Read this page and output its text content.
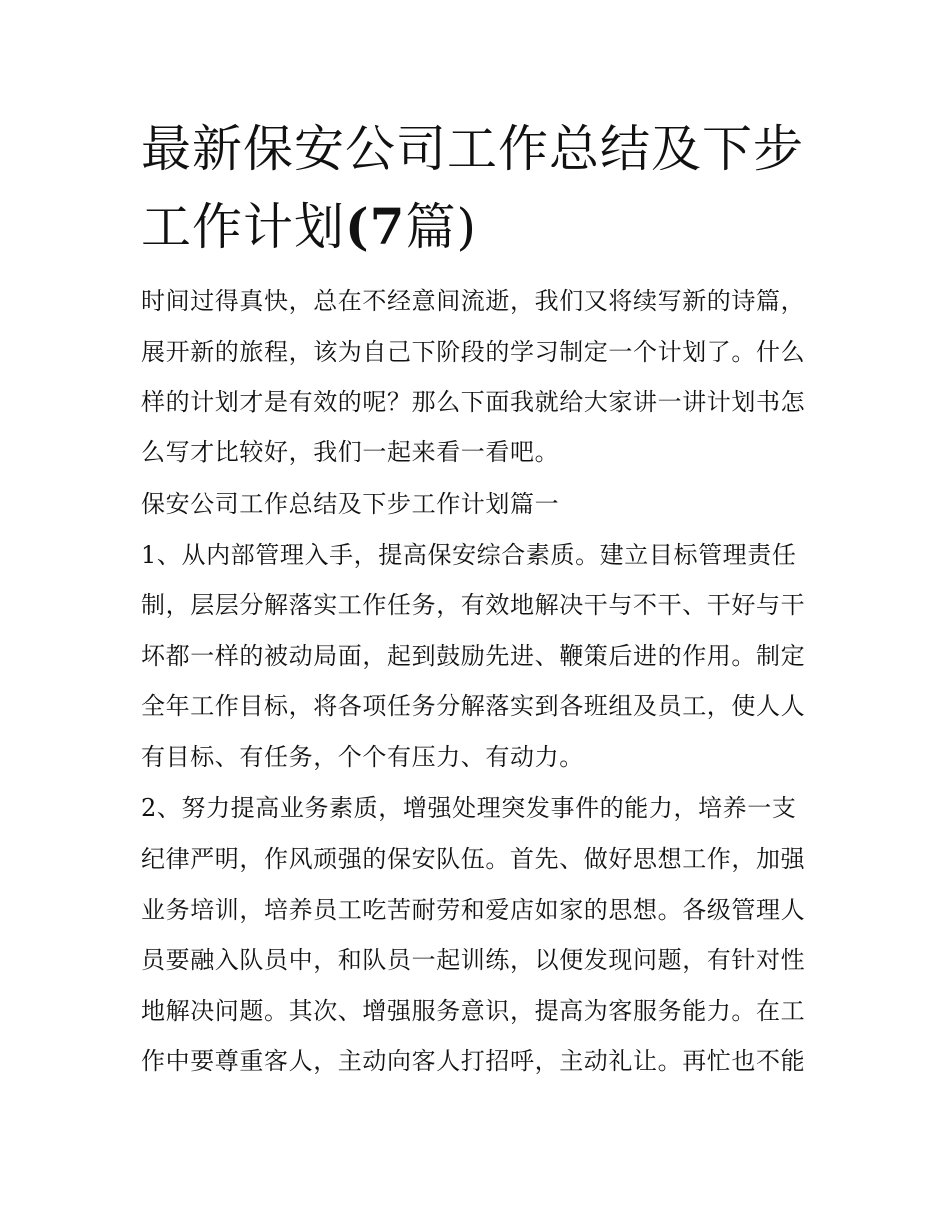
最新保安公司工作总结及下步
工作计划(7篇)
时间过得真快，总在不经意间流逝，我们又将续写新的诗篇，
展开新的旅程，该为自己下阶段的学习制定一个计划了。什么
样的计划才是有效的呢？那么下面我就给大家讲一讲计划书怎
么写才比较好，我们一起来看一看吧。
保安公司工作总结及下步工作计划篇一
1、从内部管理入手，提高保安综合素质。建立目标管理责任
制，层层分解落实工作任务，有效地解决干与不干、干好与干
坏都一样的被动局面，起到鼓励先进、鞭策后进的作用。制定
全年工作目标，将各项任务分解落实到各班组及员工，使人人
有目标、有任务，个个有压力、有动力。
2、努力提高业务素质，增强处理突发事件的能力，培养一支
纪律严明，作风顽强的保安队伍。首先、做好思想工作，加强
业务培训，培养员工吃苦耐劳和爱店如家的思想。各级管理人
员要融入队员中，和队员一起训练，以便发现问题，有针对性
地解决问题。其次、增强服务意识，提高为客服务能力。在工
作中要尊重客人，主动向客人打招呼，主动礼让。再忙也不能
